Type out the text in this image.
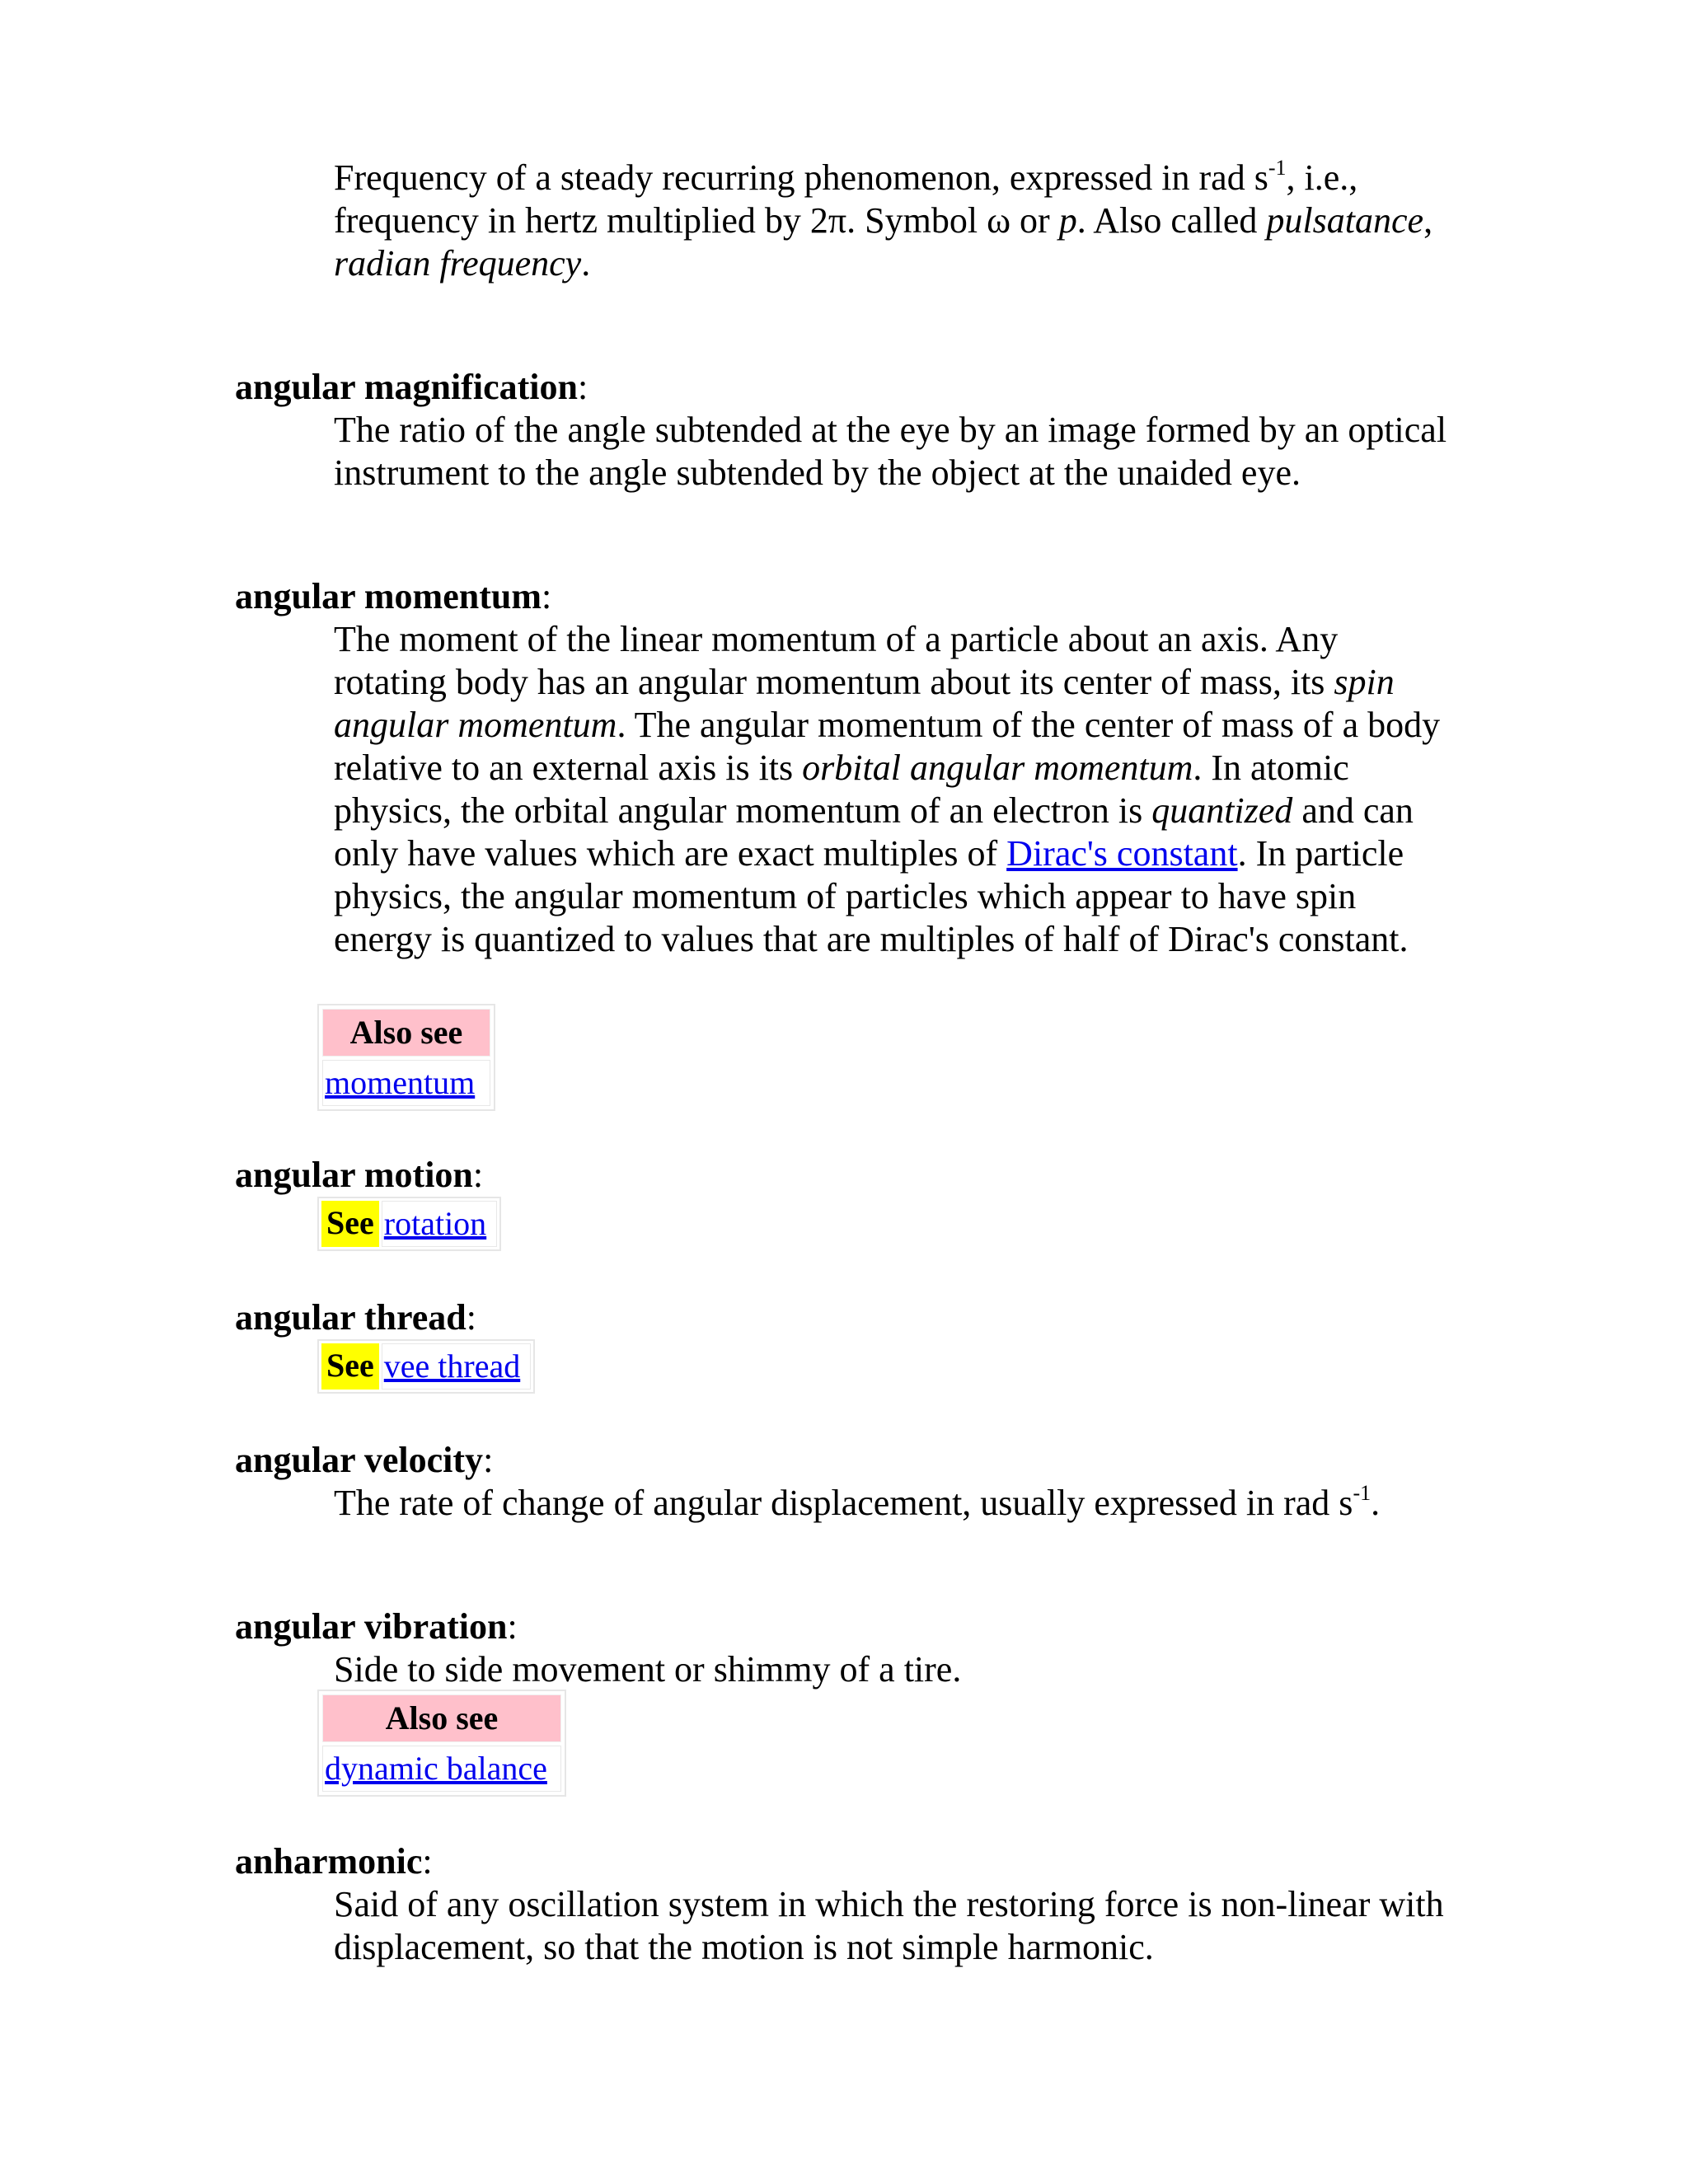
Frequency of a steady recurring phenomenon, expressed in rad $s^{-1}$, i.e., frequency in hertz multiplied by 2π. Symbol ω or p. Also called pulsatance, radian frequency.

angular magnification:

The ratio of the angle subtended at the eye by an image formed by an optical instrument to the angle subtended by the object at the unaided eye.

angular momentum:

The moment of the linear momentum of a particle about an axis. Any rotating body has an angular momentum about its center of mass, its spin angular momentum. The angular momentum of the center of mass of a body relative to an external axis is its orbital angular momentum. In atomic physics, the orbital angular momentum of an electron is quantized and can only have values which are exact multiples of Dirac's constant. In particle physics, the angular momentum of particles which appear to have spin energy is quantized to values that are multiples of half of Dirac's constant.

Also see
momentum
angular motion:
See rotation
angular thread:
See vee thread
angular velocity:

The rate of change of angular displacement, usually expressed in rad $s^{-1}$.

angular vibration:

Side to side movement or shimmy of a tire.

Also see
dynamic balance
anharmonic:

Said of any oscillation system in which the restoring force is non-linear with displacement, so that the motion is not simple harmonic.
